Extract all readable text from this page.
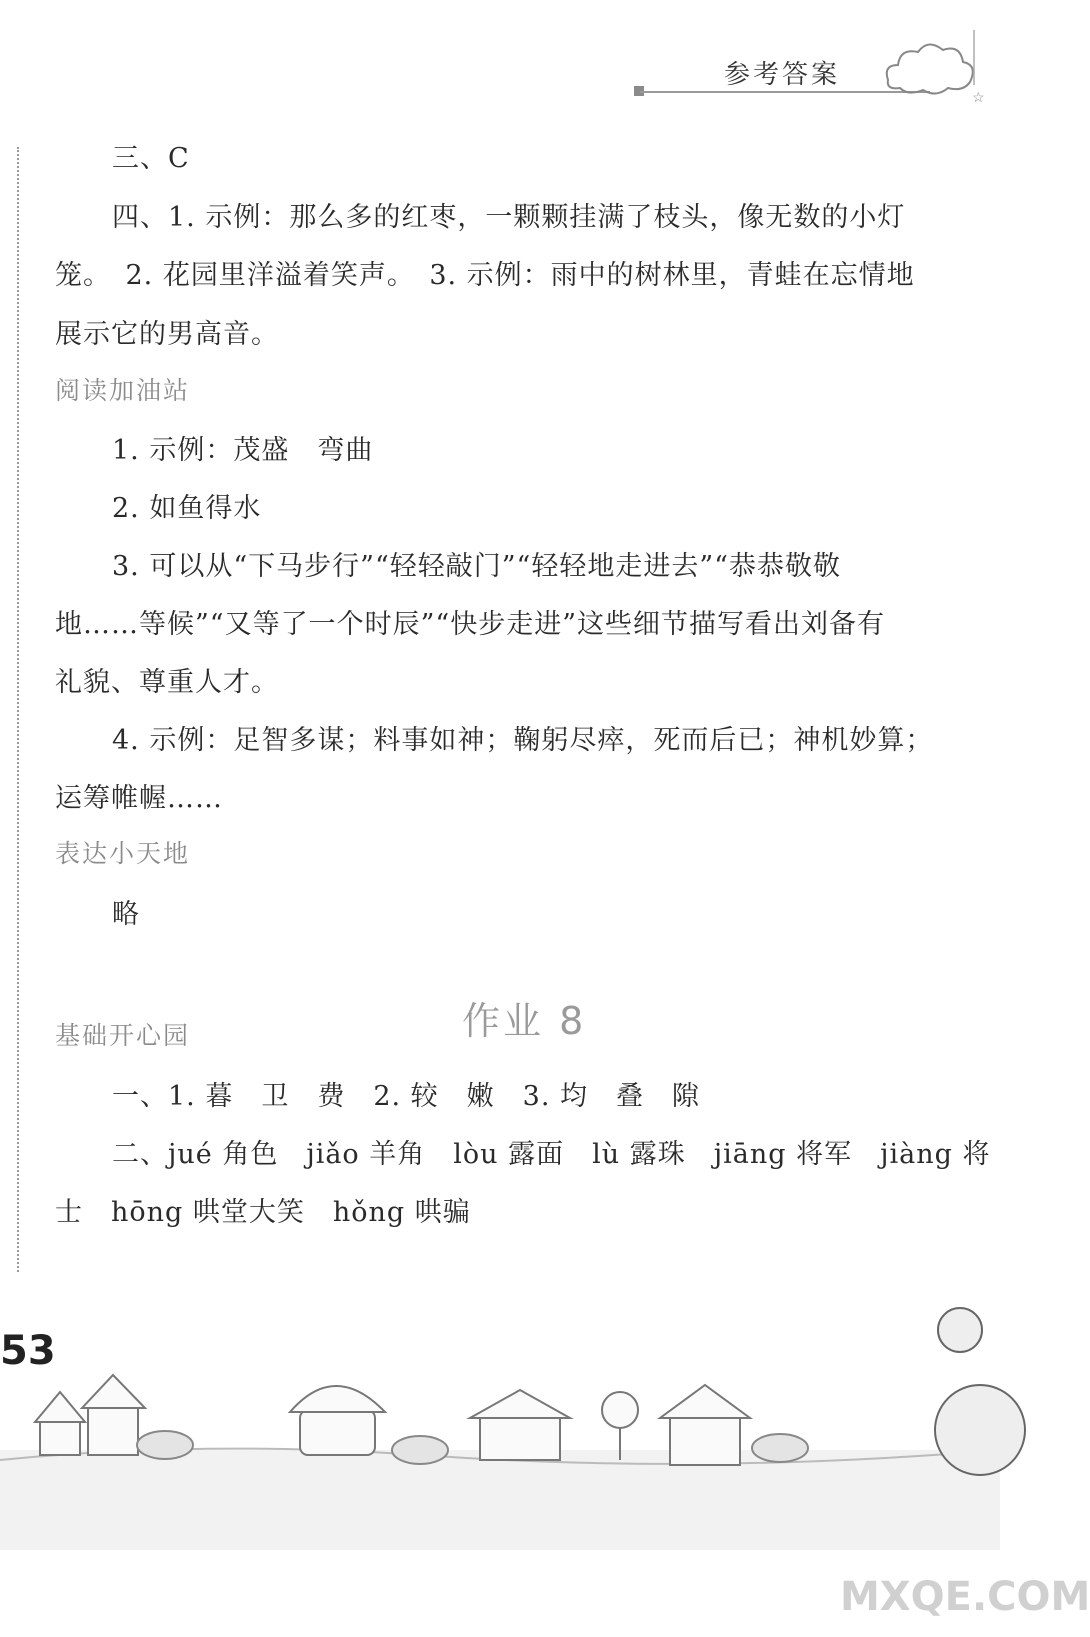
参考答案
☆
三、C
四、1. 示例：那么多的红枣，一颗颗挂满了枝头，像无数的小灯
笼。　2. 花园里洋溢着笑声。　3. 示例：雨中的树林里，青蛙在忘情地
展示它的男高音。
阅读加油站
1. 示例：茂盛　弯曲
2. 如鱼得水
3. 可以从“下马步行”“轻轻敲门”“轻轻地走进去”“恭恭敬敬
地……等候”“又等了一个时辰”“快步走进”这些细节描写看出刘备有
礼貌、尊重人才。
4. 示例：足智多谋；料事如神；鞠躬尽瘁，死而后已；神机妙算；
运筹帷幄……
表达小天地
略
作业 8
基础开心园
一、1. 暮　卫　费　2. 较　嫩　3. 均　叠　隙
二、jué 角色　jiǎo 羊角　lòu 露面　lù 露珠　jiāng 将军　jiàng 将
士　hōng 哄堂大笑　hǒng 哄骗
53
MXQE.COM
